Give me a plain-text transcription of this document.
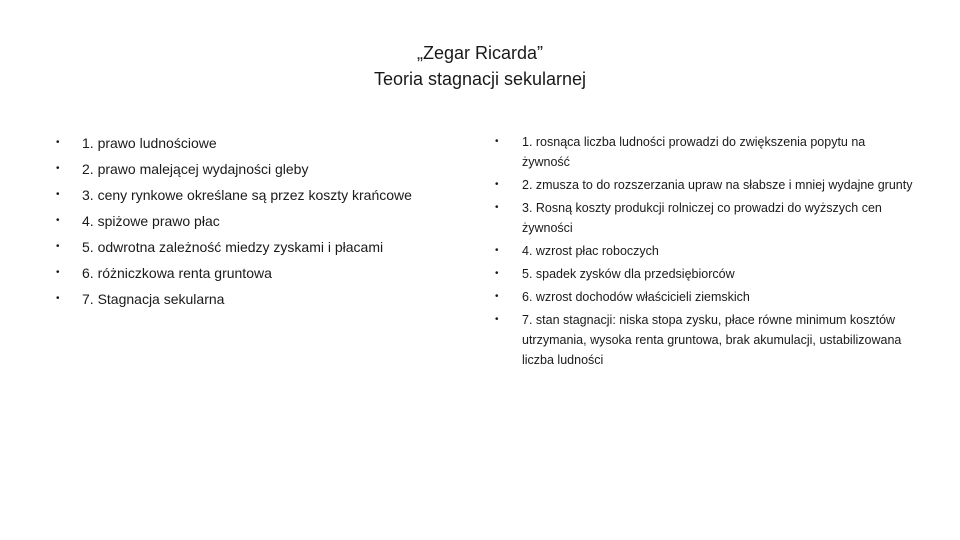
„Zegar Ricarda”
Teoria stagnacji sekularnej
• 1. prawo ludnościowe
• 2. prawo malejącej wydajności gleby
• 3. ceny rynkowe określane są przez koszty krańcowe
• 4. spiżowe prawo płac
• 5. odwrotna zależność miedzy zyskami i płacami
• 6. różniczkowa renta gruntowa
• 7. Stagnacja sekularna
• 1. rosnąca liczba ludności prowadzi do zwiększenia popytu na żywność
• 2. zmusza to do rozszerzania upraw na słabsze i mniej wydajne grunty
• 3. Rosną koszty produkcji rolniczej co prowadzi do wyższych cen żywności
• 4. wzrost płac roboczych
• 5. spadek zysków dla przedsiębiorców
• 6. wzrost dochodów właścicieli ziemskich
• 7. stan stagnacji: niska stopa zysku, płace równe minimum kosztów utrzymania, wysoka renta gruntowa, brak akumulacji, ustabilizowana liczba ludności
